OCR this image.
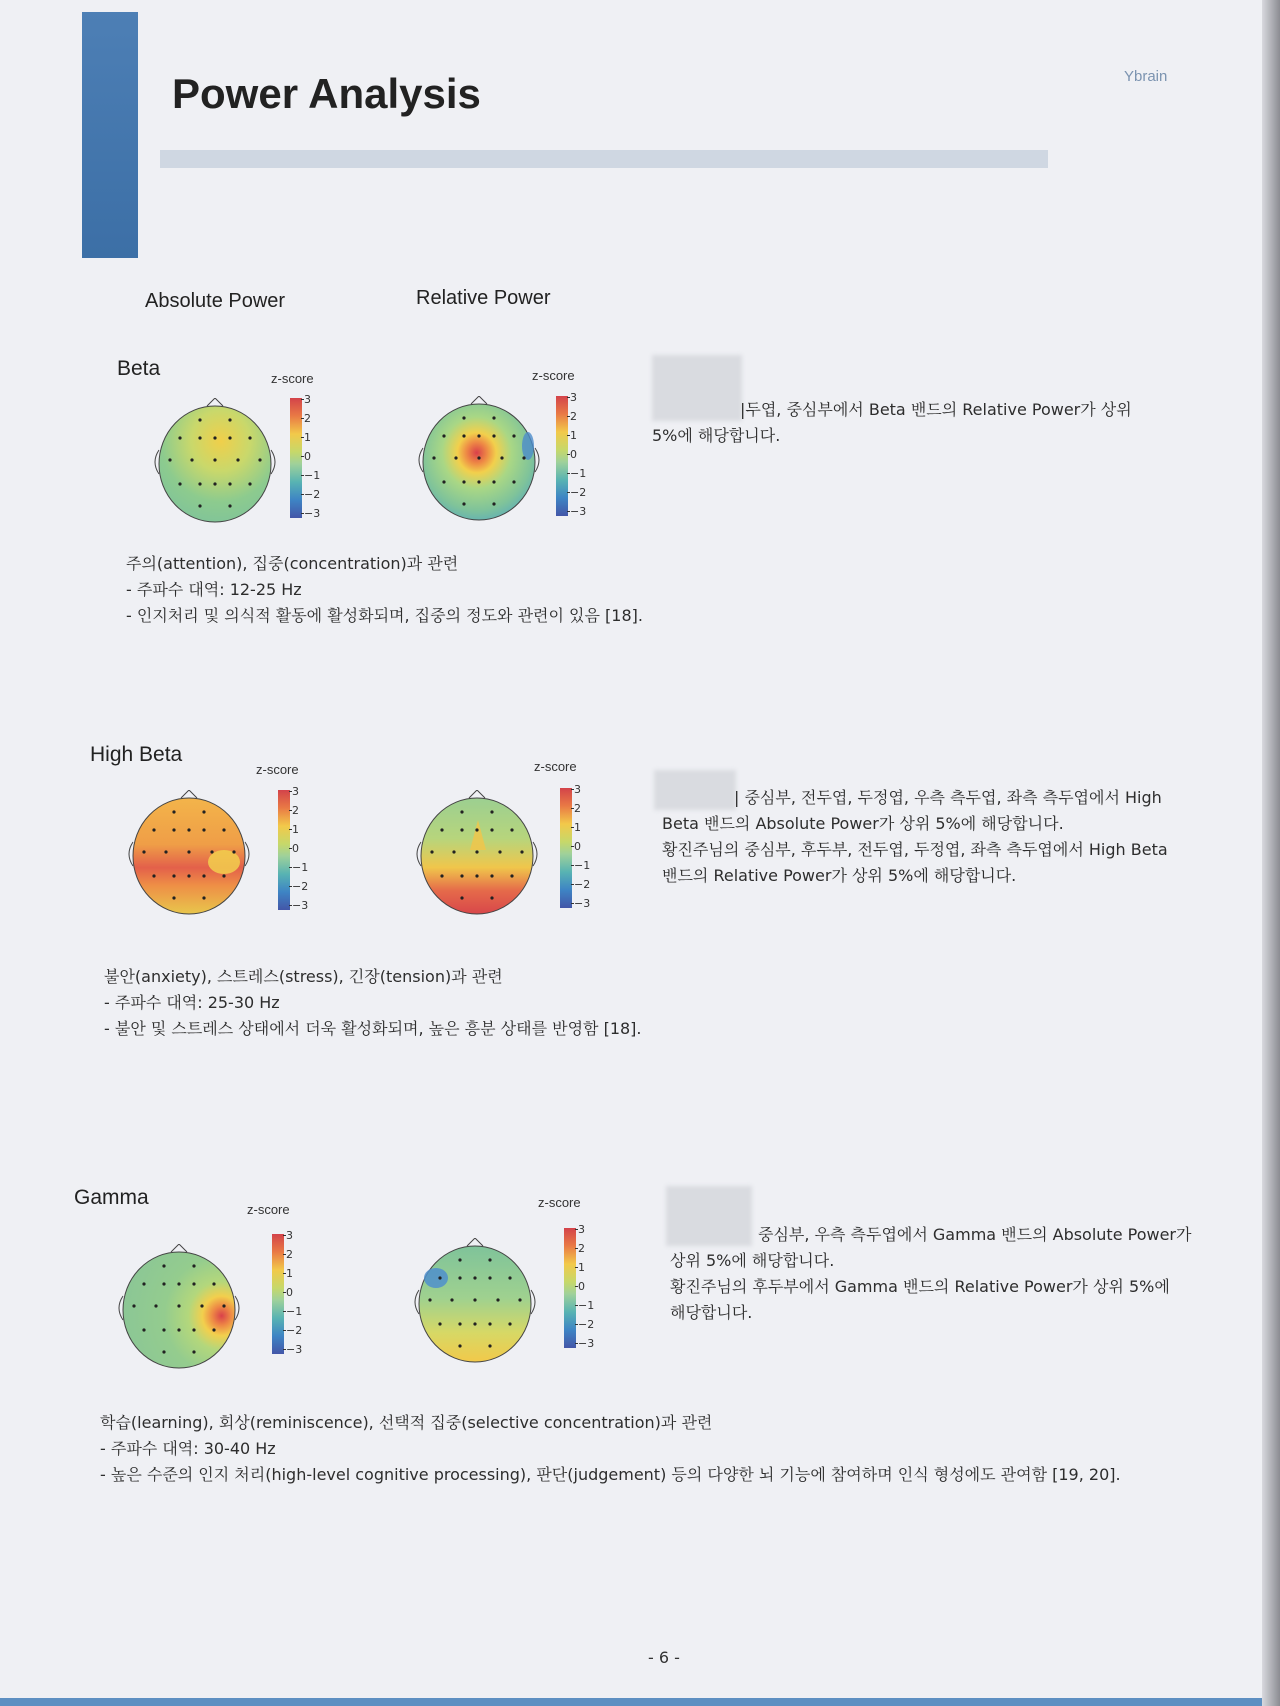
Power Analysis	Ybrain
Absolute Power	Relative Power
Beta	z-score
3
2
1
0
−1
−2
−3
z-score
3
2
1
0
−1
−2
−3

|두엽, 중심부에서 Beta 밴드의 Relative Power가 상위

5%에 해당합니다.

주의(attention), 집중(concentration)과 관련

- 주파수 대역: 12-25 Hz

- 인지처리 및 의식적 활동에 활성화되며, 집중의 정도와 관련이 있음 [18].

High Beta
z-score
3
2
1
0
−1
−2
−3
z-score
3
2
1
0
−1
−2
−3

| 중심부, 전두엽, 두정엽, 우측 측두엽, 좌측 측두엽에서 High

Beta 밴드의 Absolute Power가 상위 5%에 해당합니다.

황진주님의 중심부, 후두부, 전두엽, 두정엽, 좌측 측두엽에서 High Beta

밴드의 Relative Power가 상위 5%에 해당합니다.

불안(anxiety), 스트레스(stress), 긴장(tension)과 관련

- 주파수 대역: 25-30 Hz

- 불안 및 스트레스 상태에서 더욱 활성화되며, 높은 흥분 상태를 반영함 [18].

Gamma
z-score
3
2
1
0
−1
−2
−3
z-score
3
2
1
0
−1
−2
−3

중심부, 우측 측두엽에서 Gamma 밴드의 Absolute Power가

상위 5%에 해당합니다.

황진주님의 후두부에서 Gamma 밴드의 Relative Power가 상위 5%에

해당합니다.

학습(learning), 회상(reminiscence), 선택적 집중(selective concentration)과 관련

- 주파수 대역: 30-40 Hz

- 높은 수준의 인지 처리(high-level cognitive processing), 판단(judgement) 등의 다양한 뇌 기능에 참여하며 인식 형성에도 관여함 [19, 20].

- 6 -
